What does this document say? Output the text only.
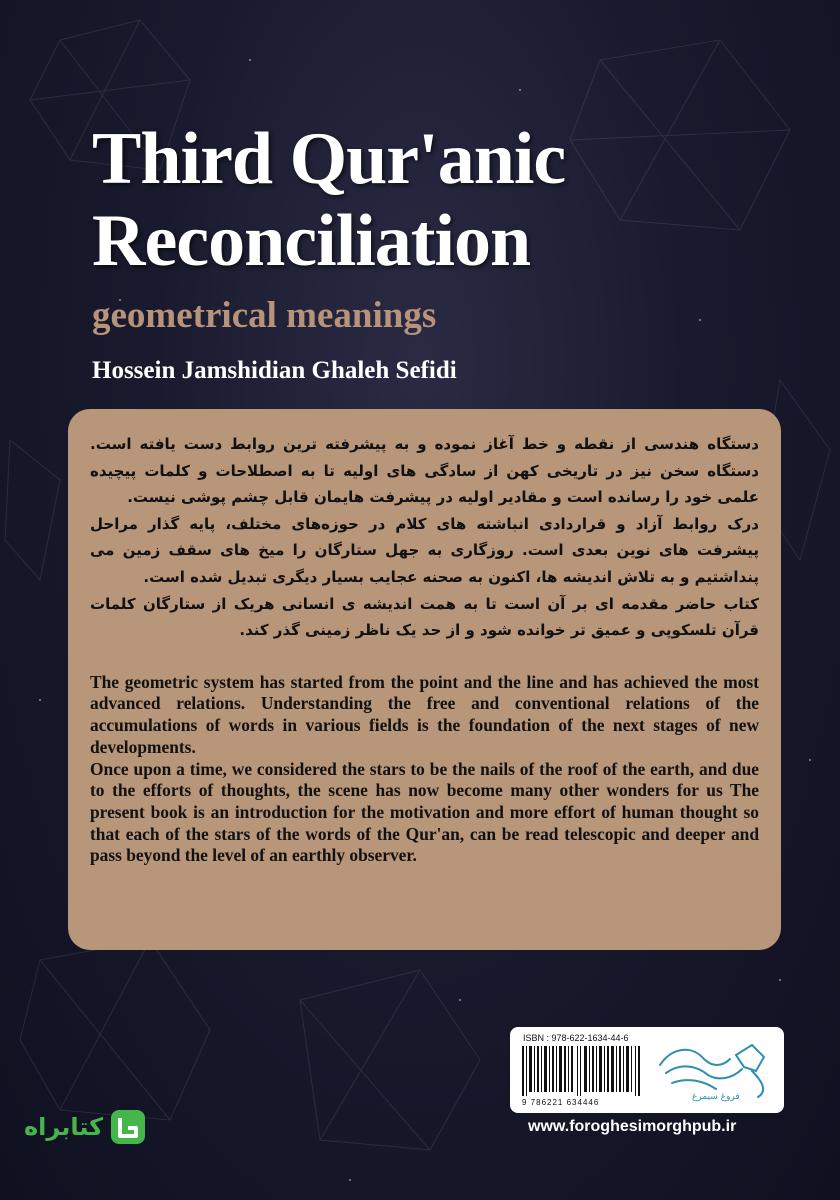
Third Qur'anic
Reconciliation
geometrical meanings
Hossein Jamshidian Ghaleh Sefidi

دستگاه هندسی از نقطه و خط آغاز نموده و به پیشرفته ترین روابط دست یافته است. دستگاه سخن نیز در تاریخی کهن از سادگی های اولیه تا به اصطلاحات و کلمات پیچیده علمی خود را رسانده است و مقادیر اولیه در پیشرفت هایمان قابل چشم پوشی نیست.

درک روابط آزاد و قراردادی انباشته های کلام در حوزه‌های مختلف، پایه گذار مراحل پیشرفت های نوین بعدی است. روزگاری به جهل ستارگان را میخ های سقف زمین می پنداشتیم و به تلاش اندیشه ها، اکنون به صحنه عجایب بسیار دیگری تبدیل شده است.

کتاب حاضر مقدمه ای بر آن است تا به همت اندیشه ی انسانی هریک از ستارگان کلمات قرآن تلسکوپی و عمیق تر خوانده شود و از حد یک ناظر زمینی گذر کند.

The geometric system has started from the point and the line and has achieved the most advanced relations. Understanding the free and conventional relations of the accumulations of words in various fields is the foundation of the next stages of new developments.

Once upon a time, we considered the stars to be the nails of the roof of the earth, and due to the efforts of thoughts, the scene has now become many other wonders for us The present book is an introduction for the motivation and more effort of human thought so that each of the stars of the words of the Qur'an, can be read telescopic and deeper and pass beyond the level of an earthly observer.

ISBN : 978-622-1634-44-6
9 786221 634446
فروغ سیمرغ
www.foroghesimorghpub.ir
کتابراه
